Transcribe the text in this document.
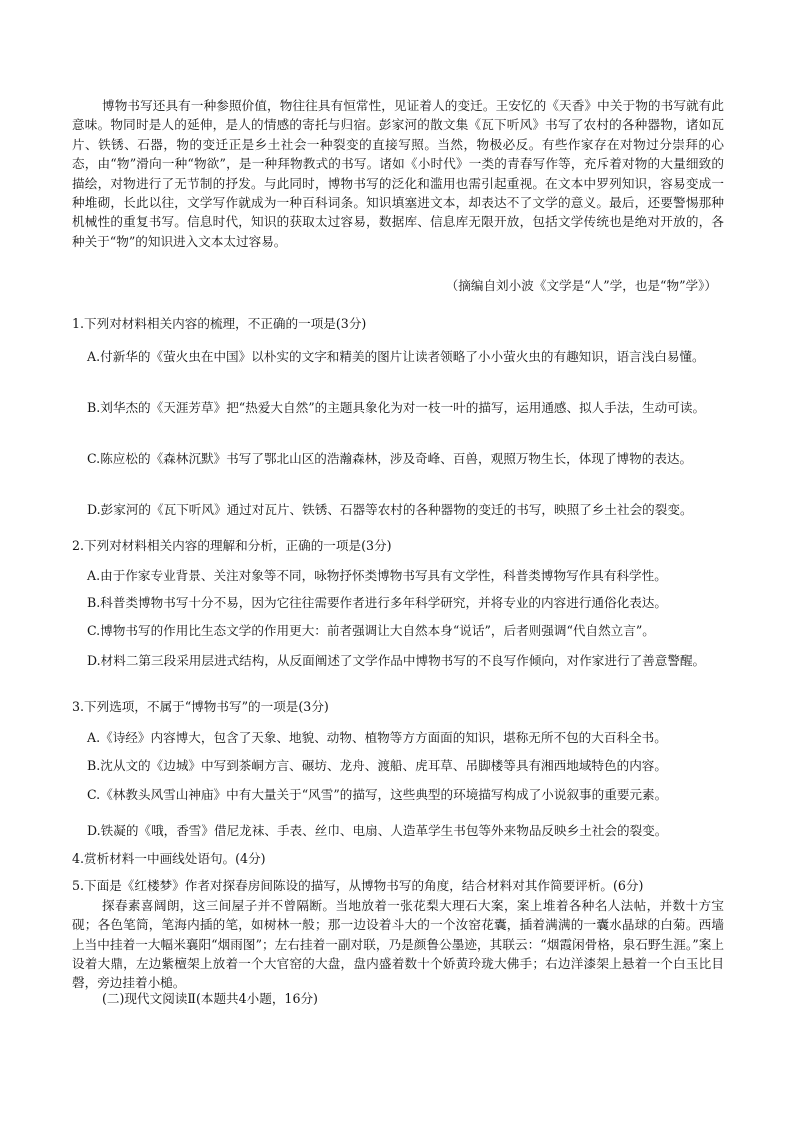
博物书写还具有一种参照价值，物往往具有恒常性，见证着人的变迁。王安忆的《天香》中关于物的书写就有此意味。物同时是人的延伸，是人的情感的寄托与归宿。彭家河的散文集《瓦下听风》书写了农村的各种器物，诸如瓦片、铁锈、石器，物的变迁正是乡土社会一种裂变的直接写照。当然，物极必反。有些作家存在对物过分崇拜的心态，由“物”滑向一种“物欲”，是一种拜物教式的书写。诸如《小时代》一类的青春写作等，充斥着对物的大量细致的描绘，对物进行了无节制的抒发。与此同时，博物书写的泛化和滥用也需引起重视。在文本中罗列知识，容易变成一种堆砌，长此以往，文学写作就成为一种百科词条。知识填塞进文本，却表达不了文学的意义。最后，还要警惕那种机械性的重复书写。信息时代，知识的获取太过容易，数据库、信息库无限开放，包括文学传统也是绝对开放的，各种关于“物”的知识进入文本太过容易。

（摘编自刘小波《文学是“人”学，也是“物”学》）

1.下列对材料相关内容的梳理，不正确的一项是(3分)

A.付新华的《萤火虫在中国》以朴实的文字和精美的图片让读者领略了小小萤火虫的有趣知识，语言浅白易懂。

B.刘华杰的《天涯芳草》把“热爱大自然”的主题具象化为对一枝一叶的描写，运用通感、拟人手法，生动可读。

C.陈应松的《森林沉默》书写了鄂北山区的浩瀚森林，涉及奇峰、百兽，观照万物生长，体现了博物的表达。

D.彭家河的《瓦下听风》通过对瓦片、铁锈、石器等农村的各种器物的变迁的书写，映照了乡土社会的裂变。

2.下列对材料相关内容的理解和分析，正确的一项是(3分)

A.由于作家专业背景、关注对象等不同，咏物抒怀类博物书写具有文学性，科普类博物写作具有科学性。

B.科普类博物书写十分不易，因为它往往需要作者进行多年科学研究，并将专业的内容进行通俗化表达。

C.博物书写的作用比生态文学的作用更大：前者强调让大自然本身“说话”，后者则强调“代自然立言”。

D.材料二第三段采用层进式结构，从反面阐述了文学作品中博物书写的不良写作倾向，对作家进行了善意警醒。

3.下列选项，不属于“博物书写”的一项是(3分)

A.《诗经》内容博大，包含了天象、地貌、动物、植物等方方面面的知识，堪称无所不包的大百科全书。

B.沈从文的《边城》中写到茶峒方言、碾坊、龙舟、渡船、虎耳草、吊脚楼等具有湘西地域特色的内容。

C.《林教头风雪山神庙》中有大量关于“风雪”的描写，这些典型的环境描写构成了小说叙事的重要元素。

D.铁凝的《哦，香雪》借尼龙袜、手表、丝巾、电扇、人造革学生书包等外来物品反映乡土社会的裂变。

4.赏析材料一中画线处语句。(4分)

5.下面是《红楼梦》作者对探春房间陈设的描写，从博物书写的角度，结合材料对其作简要评析。(6分)

探春素喜阔朗，这三间屋子并不曾隔断。当地放着一张花梨大理石大案，案上堆着各种名人法帖，并数十方宝砚；各色笔筒，笔海内插的笔，如树林一般；那一边设着斗大的一个汝窑花囊，插着满满的一囊水晶球的白菊。西墙上当中挂着一大幅米襄阳“烟雨图”；左右挂着一副对联，乃是颜鲁公墨迹，其联云：“烟霞闲骨格，泉石野生涯。”案上设着大鼎，左边紫檀架上放着一个大官窑的大盘，盘内盛着数十个娇黄玲珑大佛手；右边洋漆架上悬着一个白玉比目磬，旁边挂着小槌。

(二)现代文阅读Ⅱ(本题共4小题，16分)
